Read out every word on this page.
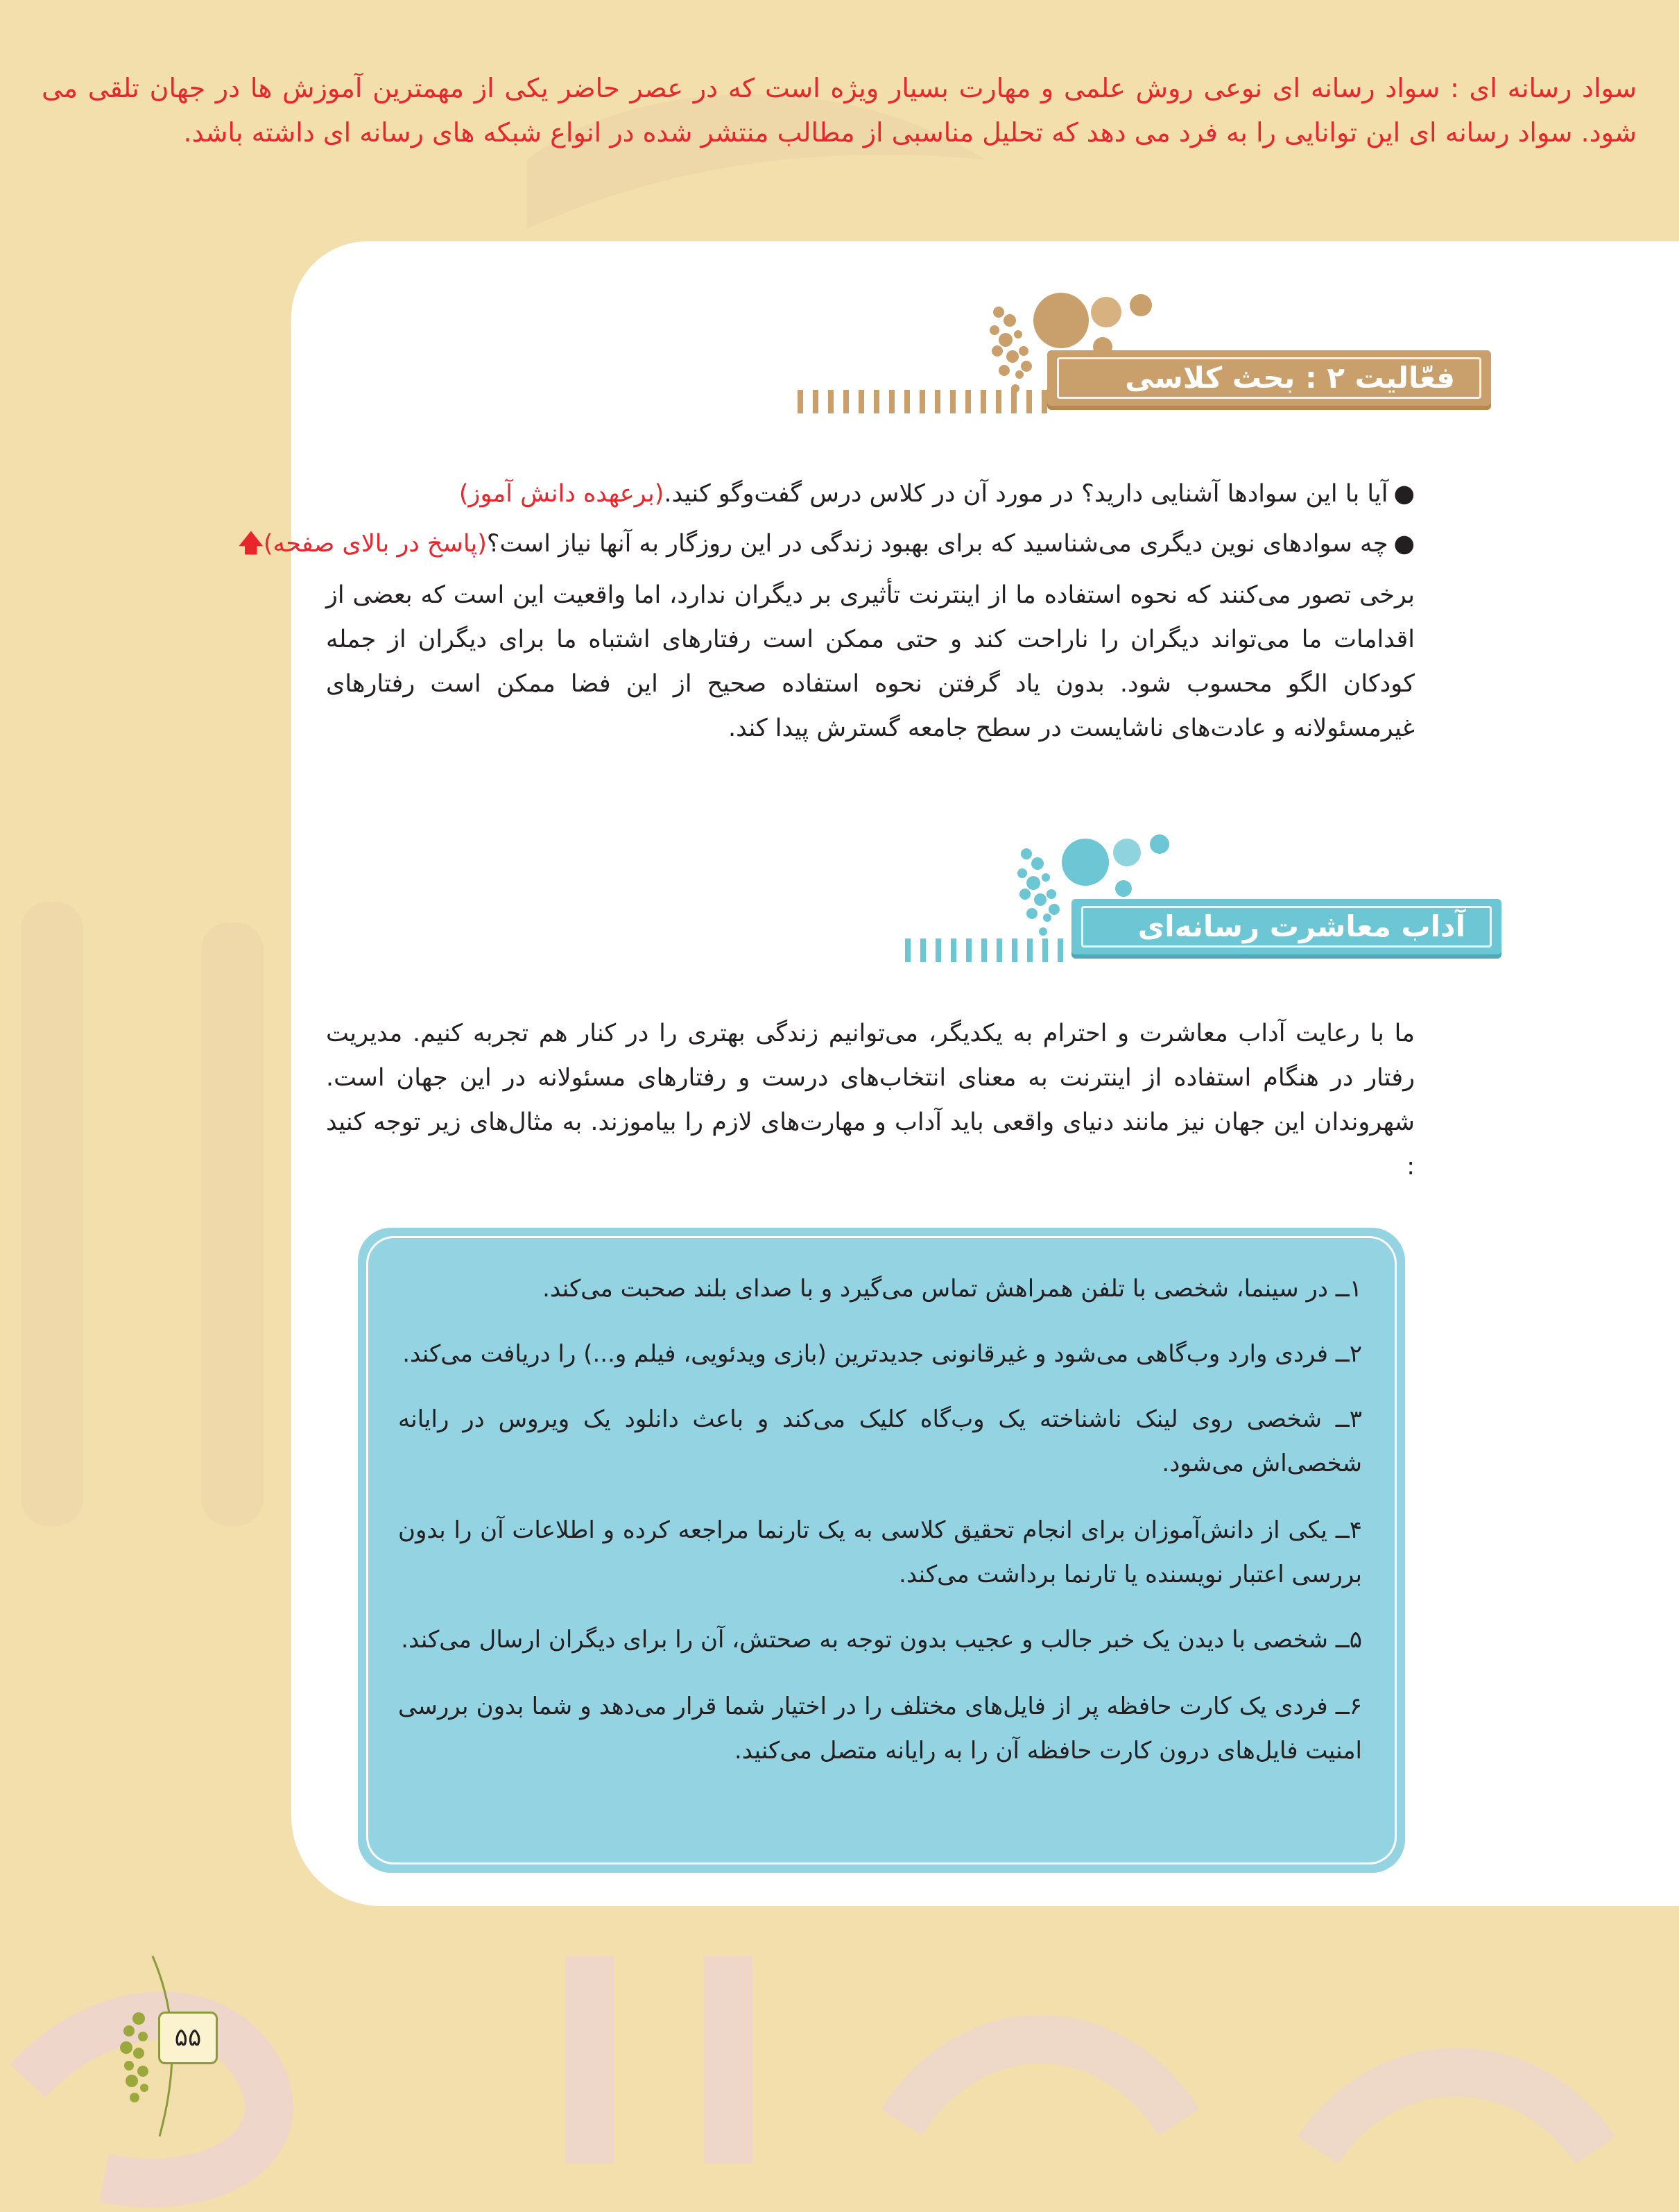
سواد رسانه ای : سواد رسانه ای نوعی روش علمی و مهارت بسیار ویژه است که در عصر حاضر یکی از مهمترین آموزش ها در جهان تلقی می شود. سواد رسانه ای این توانایی را به فرد می دهد که تحلیل مناسبی از مطالب منتشر شده در انواع شبکه های رسانه ای داشته باشد.
فعّالیت ۲ : بحث کلاسی
●آیا با این سوادها آشنایی دارید؟ در مورد آن در کلاس درس گفت‌وگو کنید.(برعهده دانش آموز)
●چه سوادهای نوین دیگری می‌شناسید که برای بهبود زندگی در این روزگار به آنها نیاز است؟(پاسخ در بالای صفحه)🡅
برخی تصور می‌کنند که نحوه استفاده ما از اینترنت تأثیری بر دیگران ندارد، اما واقعیت این است که بعضی از اقدامات ما می‌تواند دیگران را ناراحت کند و حتی ممکن است رفتارهای اشتباه ما برای دیگران از جمله کودکان الگو محسوب شود. بدون یاد گرفتن نحوه استفاده صحیح از این فضا ممکن است رفتارهای غیرمسئولانه و عادت‌های ناشایست در سطح جامعه گسترش پیدا کند.
آداب معاشرت رسانه‌ای
ما با رعایت آداب معاشرت و احترام به یکدیگر، می‌توانیم زندگی بهتری را در کنار هم تجربه کنیم. مدیریت رفتار در هنگام استفاده از اینترنت به معنای انتخاب‌های درست و رفتارهای مسئولانه در این جهان است. شهروندان این جهان نیز مانند دنیای واقعی باید آداب و مهارت‌های لازم را بیاموزند. به مثال‌های زیر توجه کنید :
۱ــ در سینما، شخصی با تلفن همراهش تماس می‌گیرد و با صدای بلند صحبت می‌کند.
۲ــ فردی وارد وب‌گاهی می‌شود و غیرقانونی جدیدترین (بازی ویدئویی، فیلم و...) را دریافت می‌کند.
۳ــ شخصی روی لینک ناشناخته یک وب‌گاه کلیک می‌کند و باعث دانلود یک ویروس در رایانه شخصی‌اش می‌شود.
۴ــ یکی از دانش‌آموزان برای انجام تحقیق کلاسی به یک تارنما مراجعه کرده و اطلاعات آن را بدون بررسی اعتبار نویسنده یا تارنما برداشت می‌کند.
۵ــ شخصی با دیدن یک خبر جالب و عجیب بدون توجه به صحتش، آن را برای دیگران ارسال می‌کند.
۶ــ فردی یک کارت حافظه پر از فایل‌های مختلف را در اختیار شما قرار می‌دهد و شما بدون بررسی امنیت فایل‌های درون کارت حافظه آن را به رایانه متصل می‌کنید.
۵۵
